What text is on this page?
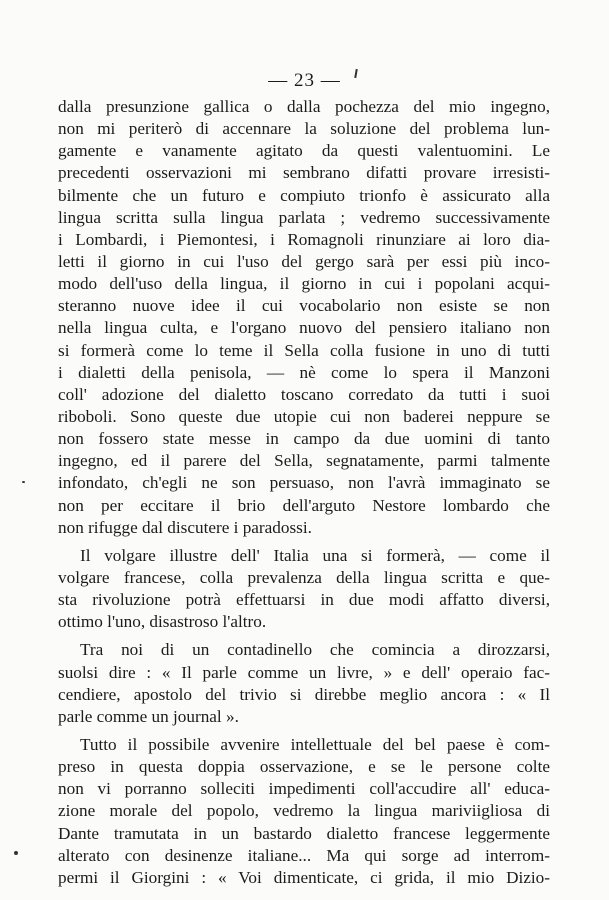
— 23 —
dalla presunzione gallica o dalla pochezza del mio ingegno,
non mi periterò di accennare la soluzione del problema lun-
gamente e vanamente agitato da questi valentuomini. Le
precedenti osservazioni mi sembrano difatti provare irresisti-
bilmente che un futuro e compiuto trionfo è assicurato alla
lingua scritta sulla lingua parlata ; vedremo successivamente
i Lombardi, i Piemontesi, i Romagnoli rinunziare ai loro dia-
letti il giorno in cui l'uso del gergo sarà per essi più inco-
modo dell'uso della lingua, il giorno in cui i popolani acqui-
steranno nuove idee il cui vocabolario non esiste se non
nella lingua culta, e l'organo nuovo del pensiero italiano non
si formerà come lo teme il Sella colla fusione in uno di tutti
i dialetti della penisola, — nè come lo spera il Manzoni
coll' adozione del dialetto toscano corredato da tutti i suoi
riboboli. Sono queste due utopie cui non baderei neppure se
non fossero state messe in campo da due uomini di tanto
ingegno, ed il parere del Sella, segnatamente, parmi talmente
infondato, ch'egli ne son persuaso, non l'avrà immaginato se
non per eccitare il brio dell'arguto Nestore lombardo che
non rifugge dal discutere i paradossi.
Il volgare illustre dell' Italia una si formerà, — come il
volgare francese, colla prevalenza della lingua scritta e que-
sta rivoluzione potrà effettuarsi in due modi affatto diversi,
ottimo l'uno, disastroso l'altro.
Tra noi di un contadinello che comincia a dirozzarsi,
suolsi dire : « Il parle comme un livre, » e dell' operaio fac-
cendiere, apostolo del trivio si direbbe meglio ancora : « Il
parle comme un journal ».
Tutto il possibile avvenire intellettuale del bel paese è com-
preso in questa doppia osservazione, e se le persone colte
non vi porranno solleciti impedimenti coll'accudire all' educa-
zione morale del popolo, vedremo la lingua mariviigliosa di
Dante tramutata in un bastardo dialetto francese leggermente
alterato con desinenze italiane... Ma qui sorge ad interrom-
permi il Giorgini : « Voi dimenticate, ci grida, il mio Dizio-
